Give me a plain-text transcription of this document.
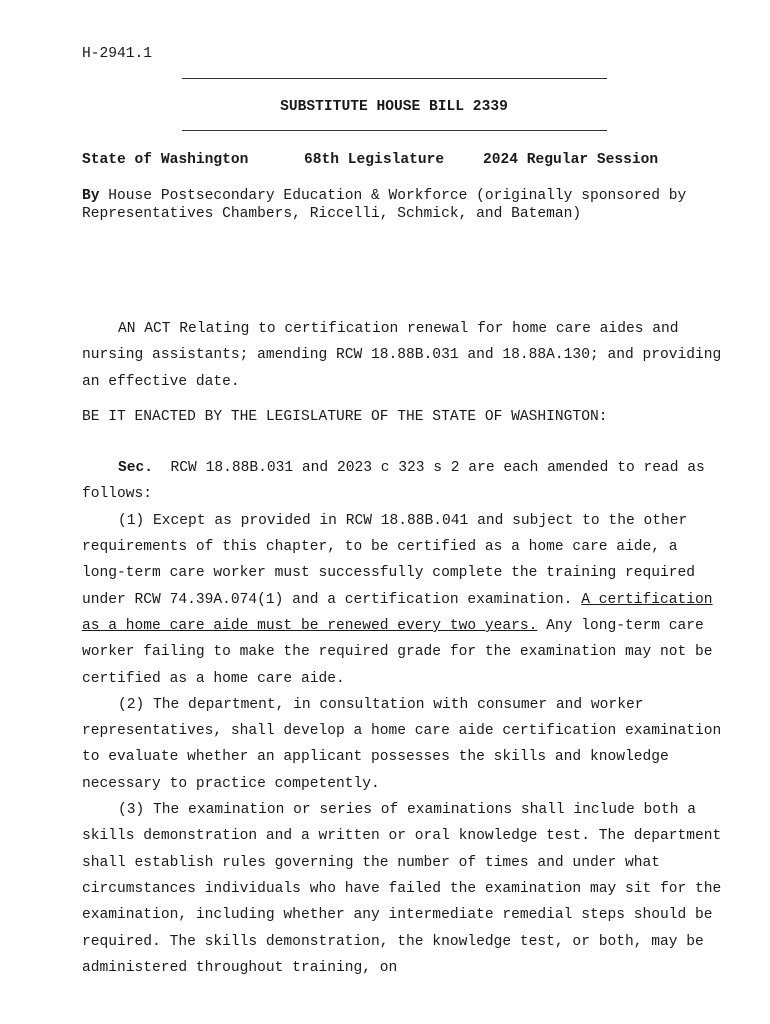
H-2941.1
SUBSTITUTE HOUSE BILL 2339
State of Washington	68th Legislature	2024 Regular Session
By House Postsecondary Education & Workforce (originally sponsored by Representatives Chambers, Riccelli, Schmick, and Bateman)

AN ACT Relating to certification renewal for home care aides and nursing assistants; amending RCW 18.88B.031 and 18.88A.130; and providing an effective date.

BE IT ENACTED BY THE LEGISLATURE OF THE STATE OF WASHINGTON:

Sec. RCW 18.88B.031 and 2023 c 323 s 2 are each amended to read as follows:

(1) Except as provided in RCW 18.88B.041 and subject to the other requirements of this chapter, to be certified as a home care aide, a long-term care worker must successfully complete the training required under RCW 74.39A.074(1) and a certification examination. A certification as a home care aide must be renewed every two years. Any long-term care worker failing to make the required grade for the examination may not be certified as a home care aide.

(2) The department, in consultation with consumer and worker representatives, shall develop a home care aide certification examination to evaluate whether an applicant possesses the skills and knowledge necessary to practice competently.

(3) The examination or series of examinations shall include both a skills demonstration and a written or oral knowledge test. The department shall establish rules governing the number of times and under what circumstances individuals who have failed the examination may sit for the examination, including whether any intermediate remedial steps should be required. The skills demonstration, the knowledge test, or both, may be administered throughout training, on
